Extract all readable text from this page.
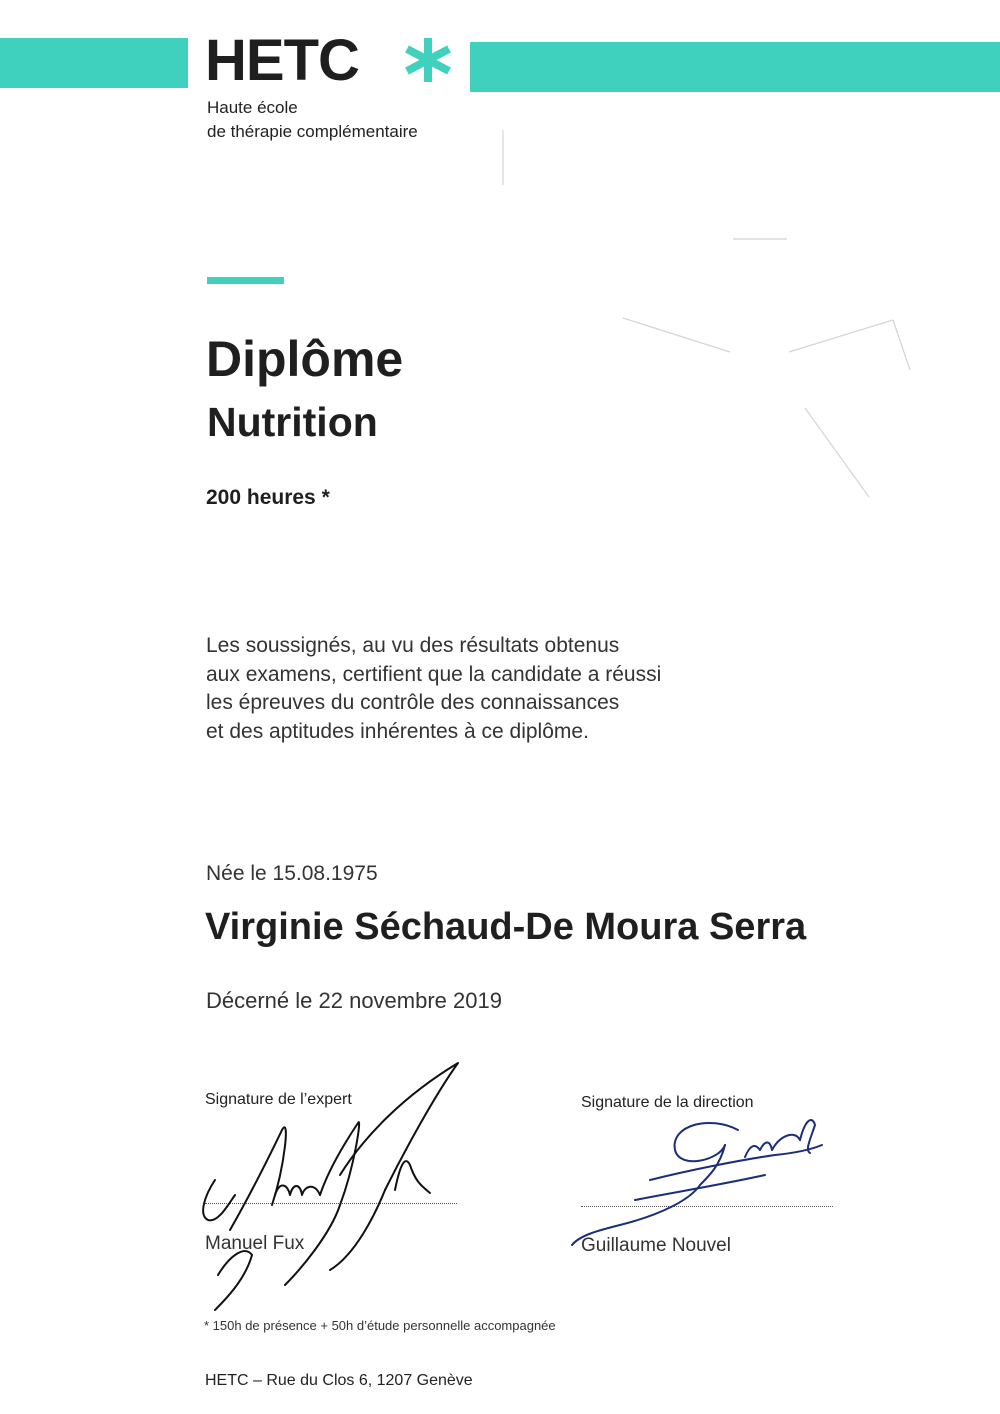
HETC
Haute école
de thérapie complémentaire
Diplôme
Nutrition
200 heures *

Les soussignés, au vu des résultats obtenus
aux examens, certifient que la candidate a réussi
les épreuves du contrôle des connaissances
et des aptitudes inhérentes à ce diplôme.

Née le 15.08.1975
Virginie Séchaud-De Moura Serra
Décerné le 22 novembre 2019
Signature de l’expert
Manuel Fux
Signature de la direction
Guillaume Nouvel
* 150h de présence + 50h d’étude personnelle accompagnée
HETC – Rue du Clos 6, 1207 Genève
